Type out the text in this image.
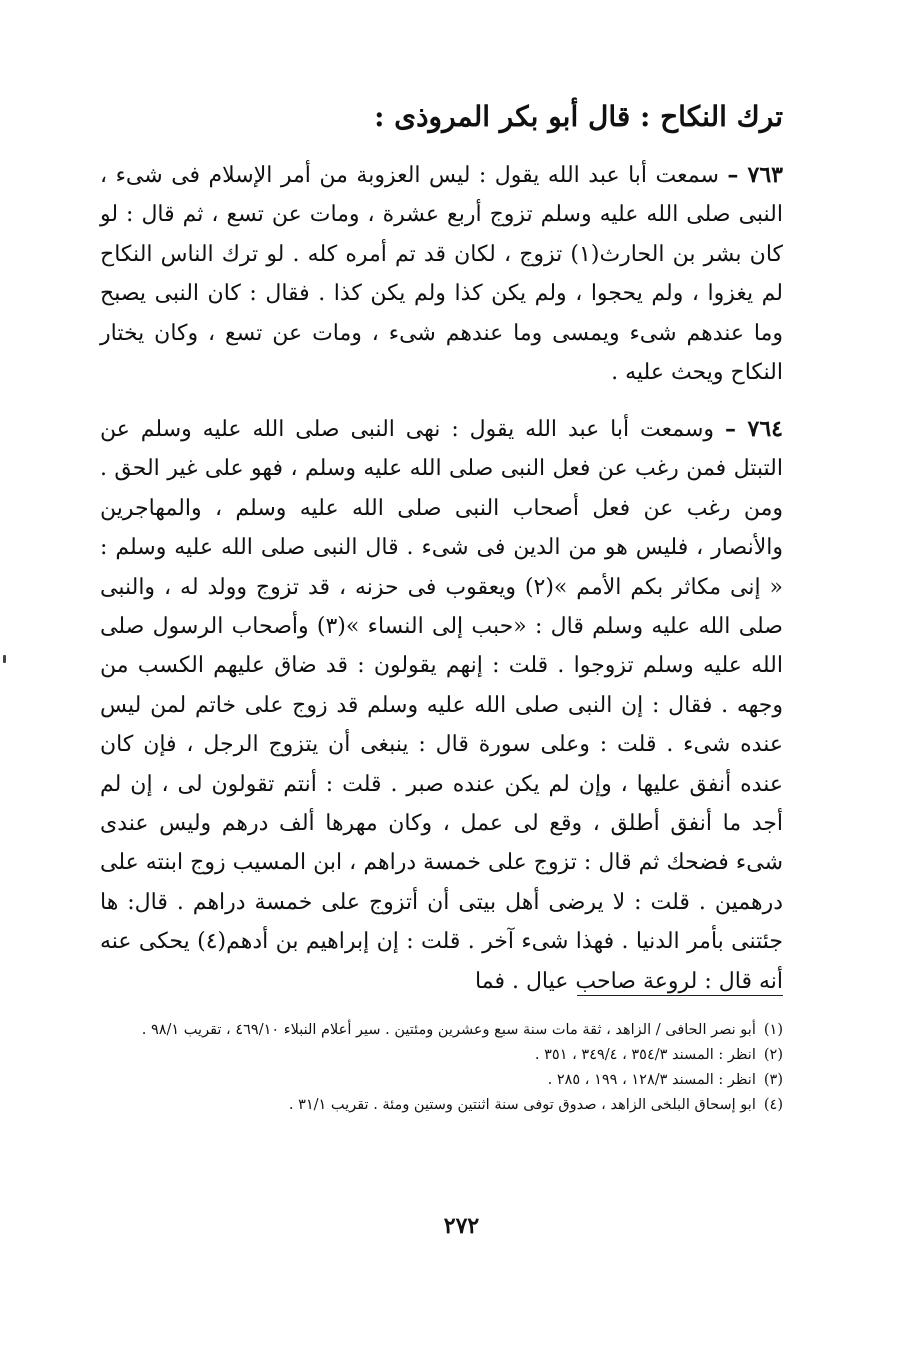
ترك النكاح : قال أبو بكر المروذى :
٧٦٣ – سمعت أبا عبد الله يقول : ليس العزوبة من أمر الإسلام فى شىء ، النبى صلى الله عليه وسلم تزوج أربع عشرة ، ومات عن تسع ، ثم قال : لو كان بشر بن الحارث(١) تزوج ، لكان قد تم أمره كله . لو ترك الناس النكاح لم يغزوا ، ولم يحجوا ، ولم يكن كذا ولم يكن كذا . فقال : كان النبى يصبح وما عندهم شىء ويمسى وما عندهم شىء ، ومات عن تسع ، وكان يختار النكاح ويحث عليه .
٧٦٤ – وسمعت أبا عبد الله يقول : نهى النبى صلى الله عليه وسلم عن التبتل فمن رغب عن فعل النبى صلى الله عليه وسلم ، فهو على غير الحق . ومن رغب عن فعل أصحاب النبى صلى الله عليه وسلم ، والمهاجرين والأنصار ، فليس هو من الدين فى شىء . قال النبى صلى الله عليه وسلم : « إنى مكاثر بكم الأمم »(٢) ويعقوب فى حزنه ، قد تزوج وولد له ، والنبى صلى الله عليه وسلم قال : «حبب إلى النساء »(٣) وأصحاب الرسول صلى الله عليه وسلم تزوجوا . قلت : إنهم يقولون : قد ضاق عليهم الكسب من وجهه . فقال : إن النبى صلى الله عليه وسلم قد زوج على خاتم لمن ليس عنده شىء . قلت : وعلى سورة قال : ينبغى أن يتزوج الرجل ، فإن كان عنده أنفق عليها ، وإن لم يكن عنده صبر . قلت : أنتم تقولون لى ، إن لم أجد ما أنفق أطلق ، وقع لى عمل ، وكان مهرها ألف درهم وليس عندى شىء فضحك ثم قال : تزوج على خمسة دراهم ، ابن المسيب زوج ابنته على درهمين . قلت : لا يرضى أهل بيتى أن أتزوج على خمسة دراهم . قال: ها جئتنى بأمر الدنيا . فهذا شىء آخر . قلت : إن إبراهيم بن أدهم(٤) يحكى عنه أنه قال : لروعة صاحب عيال . فما
(١)أبو نصر الحافى / الزاهد ، ثقة مات سنة سبع وعشرين ومئتين . سير أعلام النبلاء ٤٦٩/١٠ ، تقريب ٩٨/١ .
(٢)انظر : المسند ٣٥٤/٣ ، ٣٤٩/٤ ، ٣٥١ .
(٣)انظر : المسند ١٢٨/٣ ، ١٩٩ ، ٢٨٥ .
(٤)ابو إسحاق البلخى الزاهد ، صدوق توفى سنة اثنتين وستين ومئة . تقريب ٣١/١ .
٢٧٢
